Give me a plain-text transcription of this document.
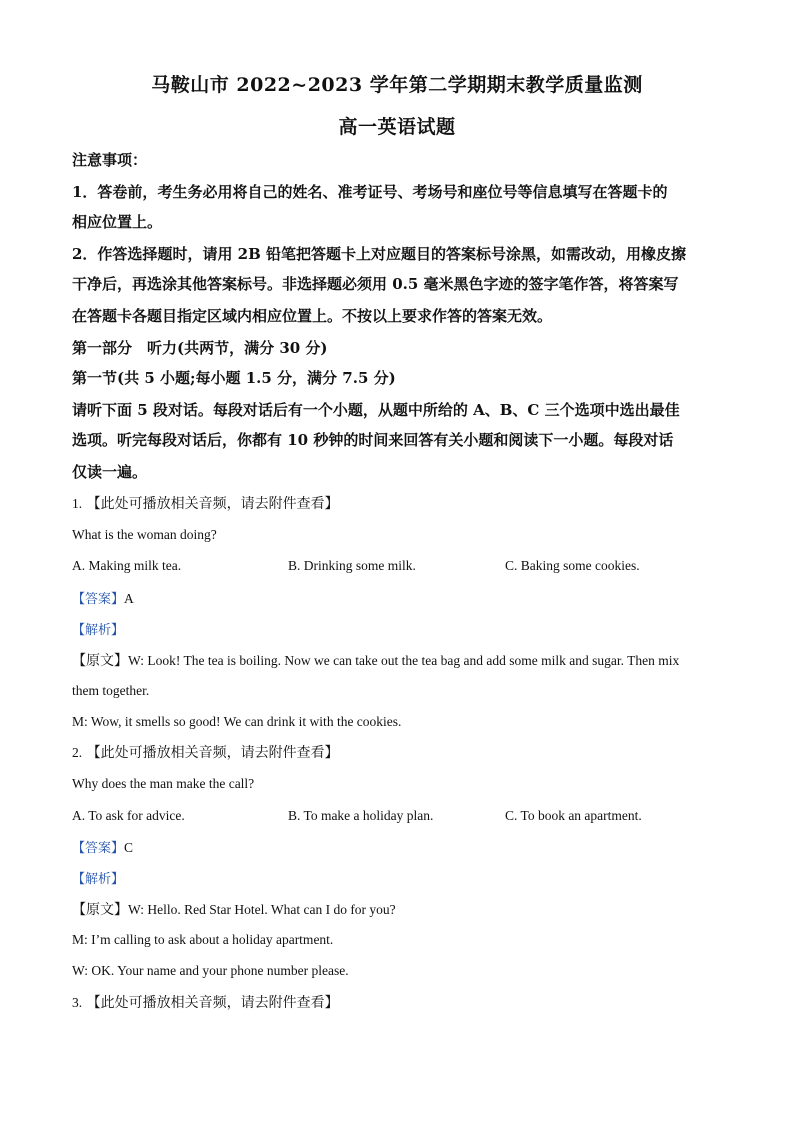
马鞍山市 2022~2023 学年第二学期期末教学质量监测
高一英语试题
注意事项：
1．答卷前，考生务必用将自己的姓名、准考证号、考场号和座位号等信息填写在答题卡的
相应位置上。
2．作答选择题时，请用 2B 铅笔把答题卡上对应题目的答案标号涂黑，如需改动，用橡皮擦
干净后，再选涂其他答案标号。非选择题必须用 0.5 毫米黑色字迹的签字笔作答，将答案写
在答题卡各题目指定区域内相应位置上。不按以上要求作答的答案无效。
第一部分　听力(共两节，满分 30 分)
第一节(共 5 小题;每小题 1.5 分，满分 7.5 分)
请听下面 5 段对话。每段对话后有一个小题，从题中所给的 A、B、C 三个选项中选出最佳
选项。听完每段对话后，你都有 10 秒钟的时间来回答有关小题和阅读下一小题。每段对话
仅读一遍。
1. 【此处可播放相关音频，请去附件查看】
What is the woman doing?
A. Making milk tea.	B. Drinking some milk.	C. Baking some cookies.
【答案】A
【解析】
【原文】W: Look! The tea is boiling. Now we can take out the tea bag and add some milk and sugar. Then mix
them together.
M: Wow, it smells so good! We can drink it with the cookies.
2. 【此处可播放相关音频，请去附件查看】
Why does the man make the call?
A. To ask for advice.	B. To make a holiday plan.	C. To book an apartment.
【答案】C
【解析】
【原文】W: Hello. Red Star Hotel. What can I do for you?
M: I’m calling to ask about a holiday apartment.
W: OK. Your name and your phone number please.
3. 【此处可播放相关音频，请去附件查看】
